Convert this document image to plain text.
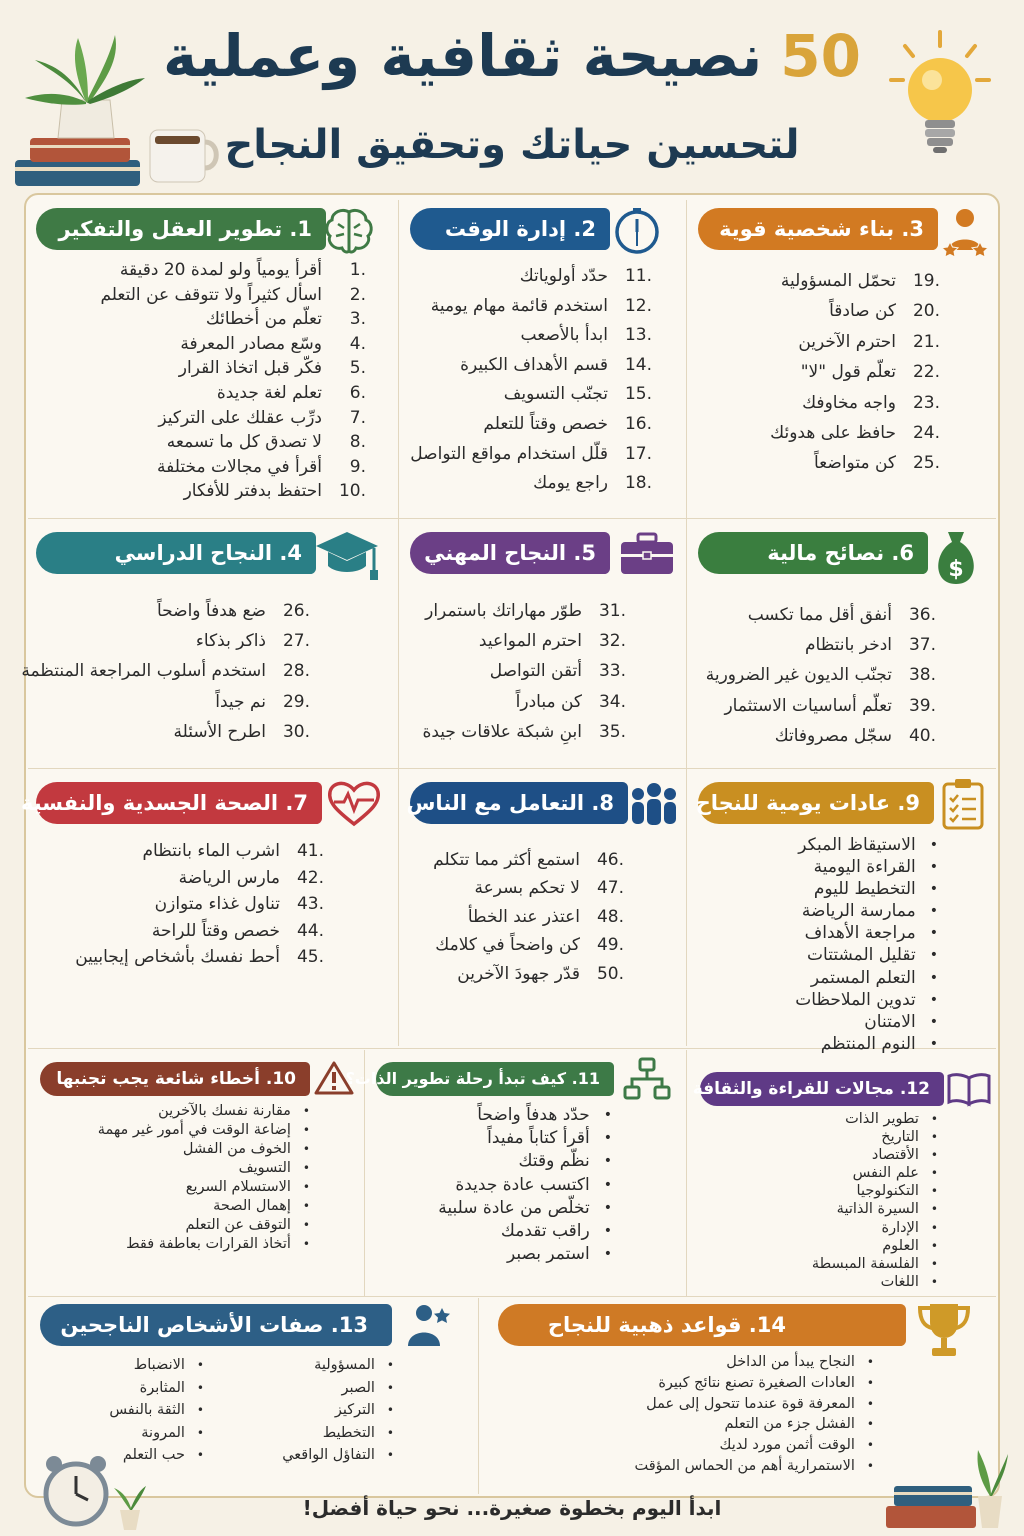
50نصيحة ثقافية وعملية
لتحسين حياتك وتحقيق النجاح
1. تطوير العقل والتفكير
1.
أقرأ يومياً ولو لمدة 20 دقيقة
2.
اسأل كثيراً ولا تتوقف عن التعلم
3.
تعلّم من أخطائك
4.
وسّع مصادر المعرفة
5.
فكّر قبل اتخاذ القرار
6.
تعلم لغة جديدة
7.
درِّب عقلك على التركيز
8.
لا تصدق كل ما تسمعه
9.
أقرأ في مجالات مختلفة
10.
احتفظ بدفتر للأفكار
2. إدارة الوقت
11.
حدّد أولوياتك
12.
استخدم قائمة مهام يومية
13.
ابدأ بالأصعب
14.
قسم الأهداف الكبيرة
15.
تجنّب التسويف
16.
خصص وقتاً للتعلم
17.
قلّل استخدام مواقع التواصل
18.
راجع يومك
3. بناء شخصية قوية
19.
تحمّل المسؤولية
20.
كن صادقاً
21.
احترم الآخرين
22.
تعلّم قول "لا"
23.
واجه مخاوفك
24.
حافظ على هدوئك
25.
كن متواضعاً
4. النجاح الدراسي
26.
ضع هدفاً واضحاً
27.
ذاكر بذكاء
28.
استخدم أسلوب المراجعة المنتظمة
29.
نم جيداً
30.
اطرح الأسئلة
5. النجاح المهني
31.
طوّر مهاراتك باستمرار
32.
احترم المواعيد
33.
أتقن التواصل
34.
كن مبادراً
35.
ابنِ شبكة علاقات جيدة
6. نصائح مالية
$
36.
أنفق أقل مما تكسب
37.
ادخر بانتظام
38.
تجنّب الديون غير الضرورية
39.
تعلّم أساسيات الاستثمار
40.
سجّل مصروفاتك
7. الصحة الجسدية والنفسية
41.
اشرب الماء بانتظام
42.
مارس الرياضة
43.
تناول غذاء متوازن
44.
خصص وقتاً للراحة
45.
أحط نفسك بأشخاص إيجابيين
8. التعامل مع الناس
46.
استمع أكثر مما تتكلم
47.
لا تحكم بسرعة
48.
اعتذر عند الخطأ
49.
كن واضحاً في كلامك
50.
قدّر جهودَ الآخرين
9. عادات يومية للنجاح
• الاستيقاظ المبكر
• القراءة اليومية
• التخطيط لليوم
• ممارسة الرياضة
• مراجعة الأهداف
• تقليل المشتتات
• التعلم المستمر
• تدوين الملاحظات
• الامتنان
• النوم المنتظم
10. أخطاء شائعة يجب تجنبها
• مقارنة نفسك بالآخرين
• إضاعة الوقت في أمور غير مهمة
• الخوف من الفشل
• التسويف
• الاستسلام السريع
• إهمال الصحة
• التوقف عن التعلم
• أتخاذ القرارات بعاطفة فقط
11. كيف تبدأ رحلة تطوير الذات؟
• حدّد هدفاً واضحاً
• أقرأ كتاباً مفيداً
• نظّم وقتك
• اكتسب عادة جديدة
• تخلّص من عادة سلبية
• راقب تقدمك
• استمر بصبر
12. مجالات للقراءة والثقافة
• تطوير الذات
• التاريخ
• الأقتصاد
• علم النفس
• التكنولوجيا
• السيرة الذاتية
• الإدارة
• العلوم
• الفلسفة المبسطة
• اللغات
13. صفات الأشخاص الناجحين
• المسؤولية
• الصبر
• التركيز
• التخطيط
• التفاؤل الواقعي
• الانضباط
• المثابرة
• الثقة بالنفس
• المرونة
• حب التعلم
14. قواعد ذهبية للنجاح
• النجاح يبدأ من الداخل
• العادات الصغيرة تصنع نتائج كبيرة
• المعرفة قوة عندما تتحول إلى عمل
• الفشل جزء من التعلم
• الوقت أثمن مورد لديك
• الاستمرارية أهم من الحماس المؤقت
ابدأ اليوم بخطوة صغيرة... نحو حياة أفضل!
